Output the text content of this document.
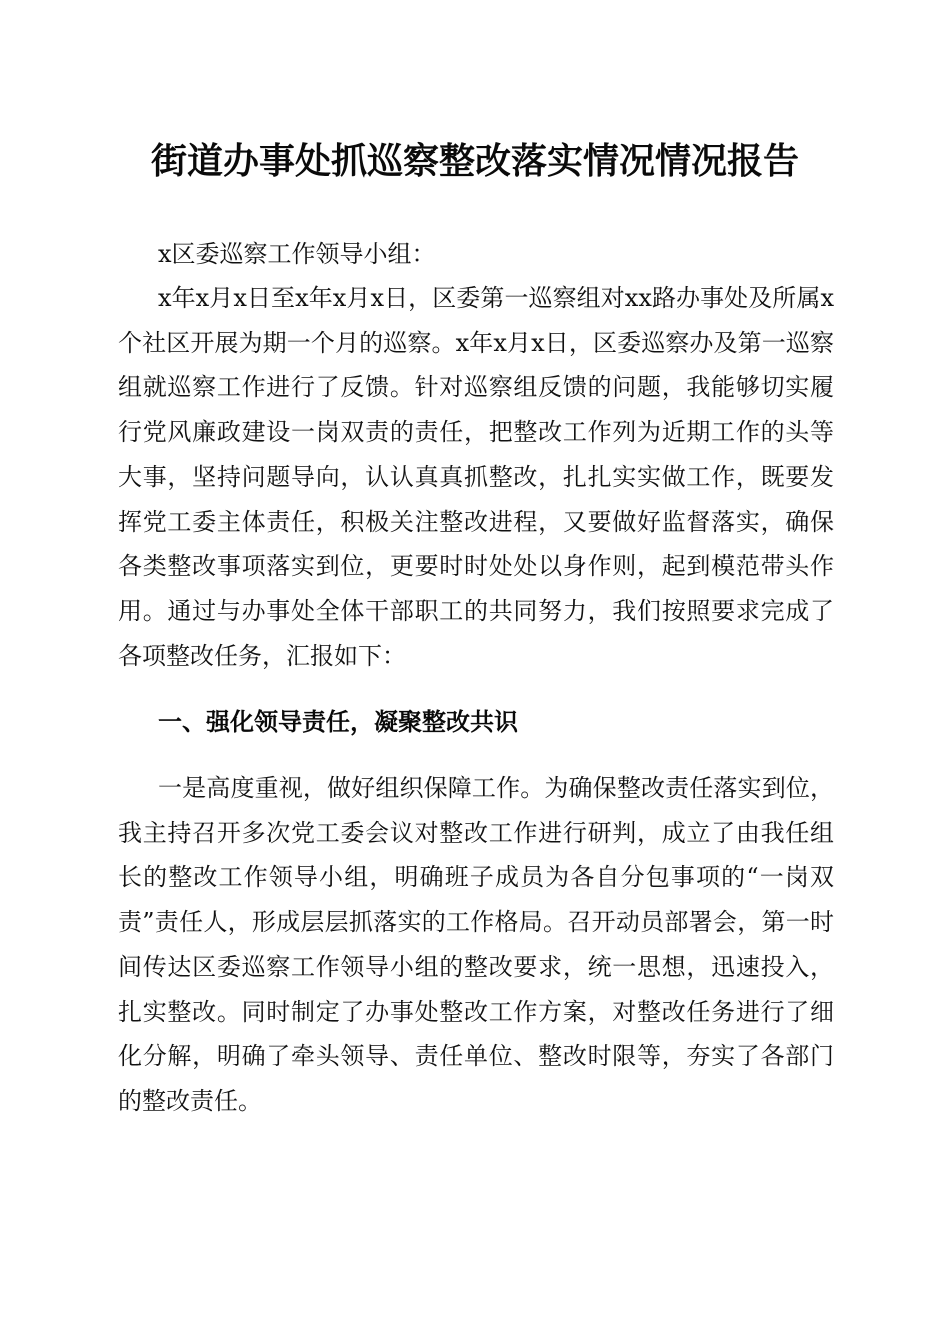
街道办事处抓巡察整改落实情况情况报告

x区委巡察工作领导小组：

x年x月x日至x年x月x日，区委第一巡察组对xx路办事处及所属x个社区开展为期一个月的巡察。x年x月x日，区委巡察办及第一巡察组就巡察工作进行了反馈。针对巡察组反馈的问题，我能够切实履行党风廉政建设一岗双责的责任，把整改工作列为近期工作的头等大事，坚持问题导向，认认真真抓整改，扎扎实实做工作，既要发挥党工委主体责任，积极关注整改进程，又要做好监督落实，确保各类整改事项落实到位，更要时时处处以身作则，起到模范带头作用。通过与办事处全体干部职工的共同努力，我们按照要求完成了各项整改任务，汇报如下：

一、强化领导责任，凝聚整改共识

一是高度重视，做好组织保障工作。为确保整改责任落实到位，我主持召开多次党工委会议对整改工作进行研判，成立了由我任组长的整改工作领导小组，明确班子成员为各自分包事项的“一岗双责”责任人，形成层层抓落实的工作格局。召开动员部署会，第一时间传达区委巡察工作领导小组的整改要求，统一思想，迅速投入，扎实整改。同时制定了办事处整改工作方案，对整改任务进行了细化分解，明确了牵头领导、责任单位、整改时限等，夯实了各部门的整改责任。
